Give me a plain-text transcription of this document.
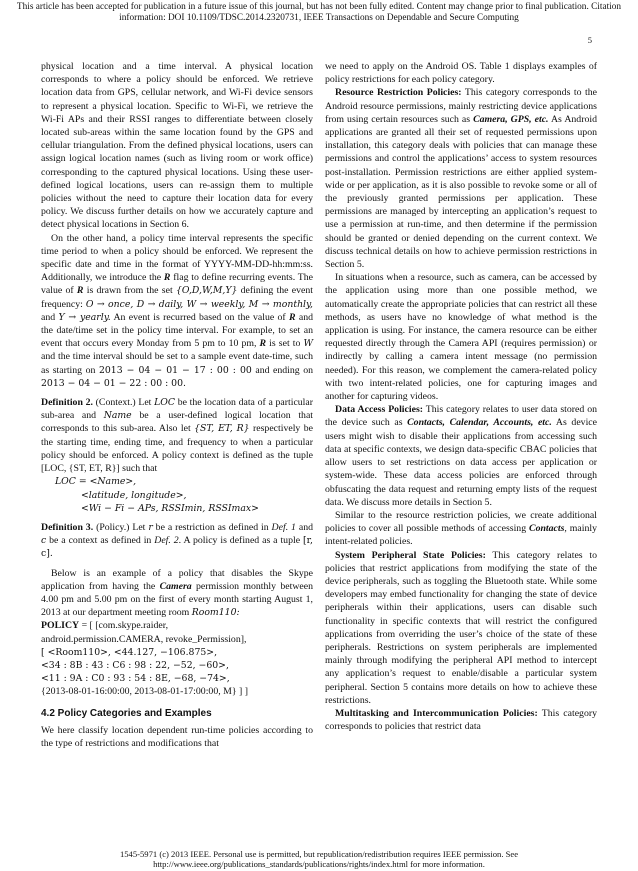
This article has been accepted for publication in a future issue of this journal, but has not been fully edited. Content may change prior to final publication. Citation
information: DOI 10.1109/TDSC.2014.2320731, IEEE Transactions on Dependable and Secure Computing
5

physical location and a time interval. A physical location corresponds to where a policy should be enforced. We retrieve location data from GPS, cellular network, and Wi-Fi device sensors to represent a physical location. Specific to Wi-Fi, we retrieve the Wi-Fi APs and their RSSI ranges to differentiate between closely located sub-areas within the same location found by the GPS and cellular triangulation. From the defined physical locations, users can assign logical location names (such as living room or work office) corresponding to the captured physical locations. Using these user-defined logical locations, users can re-assign them to multiple policies without the need to capture their location data for every policy. We discuss further details on how we accurately capture and detect physical locations in Section 6.

On the other hand, a policy time interval represents the specific time period to when a policy should be enforced. We represent the specific date and time in the format of YYYY-MM-DD-hh:mm:ss. Additionally, we introduce the R flag to define recurring events. The value of R is drawn from the set {O,D,W,M,Y} defining the event frequency: O → once, D → daily, W → weekly, M → monthly, and Y → yearly. An event is recurred based on the value of R and the date/time set in the policy time interval. For example, to set an event that occurs every Monday from 5 pm to 10 pm, R is set to W and the time interval should be set to a sample event date-time, such as starting on 2013 − 04 − 01 − 17 : 00 : 00 and ending on 2013 − 04 − 01 − 22 : 00 : 00.

Definition 2. (Context.) Let LOC be the location data of a particular sub-area and Name be a user-defined logical location that corresponds to this sub-area. Also let {ST, ET, R} respectively be the starting time, ending time, and frequency to when a particular policy should be enforced. A policy context is defined as the tuple [LOC, {ST, ET, R}] such that

LOC = <Name>,
<latitude, longitude>,
<Wi − Fi − APs, RSSImin, RSSImax>

Definition 3. (Policy.) Let r be a restriction as defined in Def. 1 and c be a context as defined in Def. 2. A policy is defined as a tuple [r, c].

Below is an example of a policy that disables the Skype application from having the Camera permission monthly between 4.00 pm and 5.00 pm on the first of every month starting August 1, 2013 at our department meeting room Room110:

POLICY = [ [com.skype.raider,
android.permission.CAMERA, revoke_Permission],
[ <Room110>, <44.127, −106.875>,
<34 : 8B : 43 : C6 : 98 : 22, −52, −60>,
<11 : 9A : C0 : 93 : 54 : 8E, −68, −74>,
{2013-08-01-16:00:00, 2013-08-01-17:00:00, M} ] ]

4.2 Policy Categories and Examples

We here classify location dependent run-time policies according to the type of restrictions and modifications that

we need to apply on the Android OS. Table 1 displays examples of policy restrictions for each policy category.

Resource Restriction Policies: This category corresponds to the Android resource permissions, mainly restricting device applications from using certain resources such as Camera, GPS, etc. As Android applications are granted all their set of requested permissions upon installation, this category deals with policies that can manage these permissions and control the applications’ access to system resources post-installation. Permission restrictions are either applied system-wide or per application, as it is also possible to revoke some or all of the previously granted permissions per application. These permissions are managed by intercepting an application’s request to use a permission at run-time, and then determine if the permission should be granted or denied depending on the current context. We discuss technical details on how to achieve permission restrictions in Section 5.

In situations when a resource, such as camera, can be accessed by the application using more than one possible method, we automatically create the appropriate policies that can restrict all these methods, as users have no knowledge of what method is the application is using. For instance, the camera resource can be either requested directly through the Camera API (requires permission) or indirectly by calling a camera intent message (no permission needed). For this reason, we complement the camera-related policy with two intent-related policies, one for capturing images and another for capturing videos.

Data Access Policies: This category relates to user data stored on the device such as Contacts, Calendar, Accounts, etc. As device users might wish to disable their applications from accessing such data at specific contexts, we design data-specific CBAC policies that allow users to set restrictions on data access per application or system-wide. These data access policies are enforced through obfuscating the data request and returning empty lists of the request data. We discuss more details in Section 5.

Similar to the resource restriction policies, we create additional policies to cover all possible methods of accessing Contacts, mainly intent-related policies.

System Peripheral State Policies: This category relates to policies that restrict applications from modifying the state of the device peripherals, such as toggling the Bluetooth state. While some developers may embed functionality for changing the state of device peripherals within their applications, users can disable such functionality in specific contexts that will restrict the configured applications from overriding the user’s choice of the state of these peripherals. Restrictions on system peripherals are implemented mainly through modifying the peripheral API method to intercept any application’s request to enable/disable a particular system peripheral. Section 5 contains more details on how to achieve these restrictions.

Multitasking and Intercommunication Policies: This category corresponds to policies that restrict data

1545-5971 (c) 2013 IEEE. Personal use is permitted, but republication/redistribution requires IEEE permission. See
http://www.ieee.org/publications_standards/publications/rights/index.html for more information.
